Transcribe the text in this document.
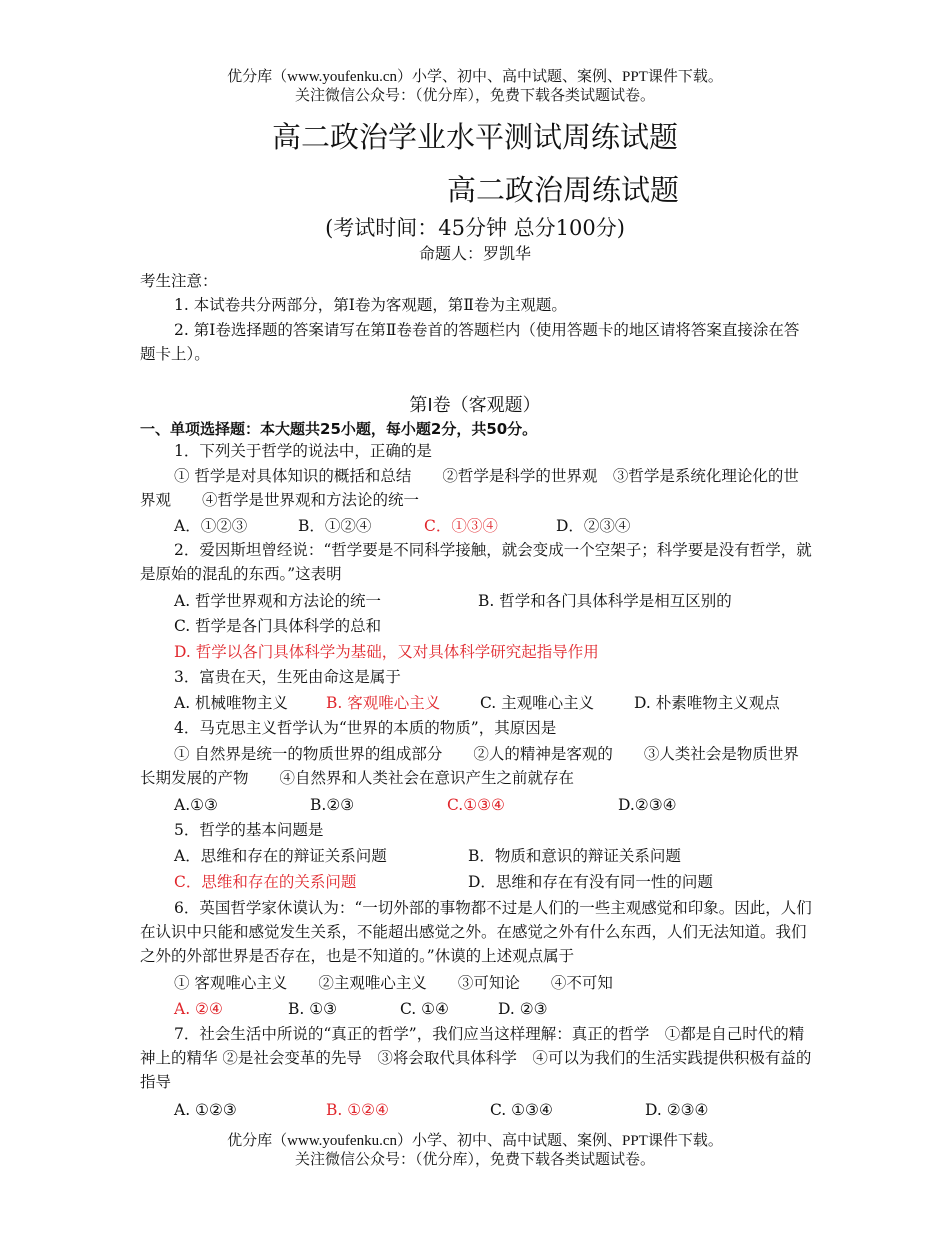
优分库（www.youfenku.cn）小学、初中、高中试题、案例、PPT课件下载。
关注微信公众号：（优分库），免费下载各类试题试卷。
高二政治学业水平测试周练试题
高二政治周练试题
(考试时间：45分钟 总分100分)
命题人：罗凯华
考生注意：
1. 本试卷共分两部分，第Ⅰ卷为客观题，第Ⅱ卷为主观题。
2. 第Ⅰ卷选择题的答案请写在第Ⅱ卷卷首的答题栏内（使用答题卡的地区请将答案直接涂在答题卡上）。
第Ⅰ卷（客观题）
一、单项选择题：本大题共25小题，每小题2分，共50分。
1．下列关于哲学的说法中，正确的是
① 哲学是对具体知识的概括和总结　　②哲学是科学的世界观　③哲学是系统化理论化的世界观　　④哲学是世界观和方法论的统一
A．①②③	B．①②④	C．①③④	D．②③④
2．爱因斯坦曾经说：“哲学要是不同科学接触，就会变成一个空架子；科学要是没有哲学，就是原始的混乱的东西。”这表明
A. 哲学世界观和方法论的统一	B. 哲学和各门具体科学是相互区别的
C. 哲学是各门具体科学的总和
D. 哲学以各门具体科学为基础，又对具体科学研究起指导作用
3．富贵在天，生死由命这是属于
A. 机械唯物主义 B. 客观唯心主义	C. 主观唯心主义	D. 朴素唯物主义观点
4．马克思主义哲学认为“世界的本质的物质”，其原因是
① 自然界是统一的物质世界的组成部分　　②人的精神是客观的　　③人类社会是物质世界长期发展的产物　　④自然界和人类社会在意识产生之前就存在
A.①③	B.②③	C.①③④	D.②③④
5．哲学的基本问题是
A．思维和存在的辩证关系问题	B．物质和意识的辩证关系问题
C．思维和存在的关系问题	D．思维和存在有没有同一性的问题
6．英国哲学家休谟认为：“一切外部的事物都不过是人们的一些主观感觉和印象。因此，人们在认识中只能和感觉发生关系，不能超出感觉之外。在感觉之外有什么东西，人们无法知道。我们之外的外部世界是否存在，也是不知道的。”休谟的上述观点属于
① 客观唯心主义　　②主观唯心主义　　③可知论　　④不可知
A. ②④	B. ①③	C. ①④	D. ②③
7．社会生活中所说的“真正的哲学”，我们应当这样理解：真正的哲学　①都是自己时代的精神上的精华 ②是社会变革的先导　③将会取代具体科学　④可以为我们的生活实践提供积极有益的指导
A. ①②③	B. ①②④	C. ①③④	D. ②③④
优分库（www.youfenku.cn）小学、初中、高中试题、案例、PPT课件下载。
关注微信公众号：（优分库），免费下载各类试题试卷。
